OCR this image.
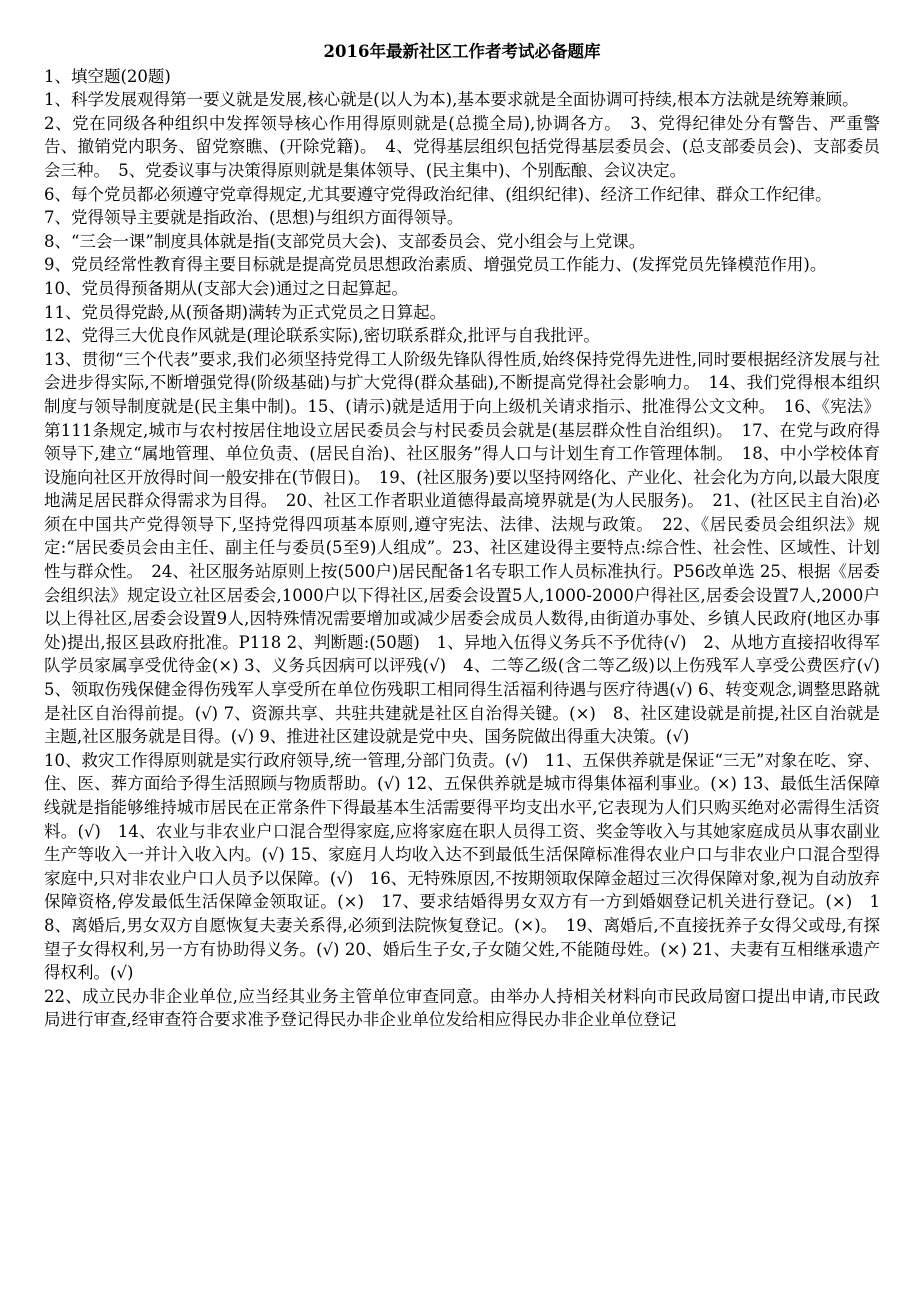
2016年最新社区工作者考试必备题库

1、填空题(20题)

1、科学发展观得第一要义就是发展,核心就是(以人为本),基本要求就是全面协调可持续,根本方法就是统筹兼顾。

2、党在同级各种组织中发挥领导核心作用得原则就是(总揽全局),协调各方。　3、党得纪律处分有警告、严重警告、撤销党内职务、留党察瞧、(开除党籍)。　4、党得基层组织包括党得基层委员会、(总支部委员会)、支部委员会三种。　5、党委议事与决策得原则就是集体领导、(民主集中)、个别酝酿、会议决定。

6、每个党员都必须遵守党章得规定,尤其要遵守党得政治纪律、(组织纪律)、经济工作纪律、群众工作纪律。

7、党得领导主要就是指政治、(思想)与组织方面得领导。

8、“三会一课”制度具体就是指(支部党员大会)、支部委员会、党小组会与上党课。

9、党员经常性教育得主要目标就是提高党员思想政治素质、增强党员工作能力、(发挥党员先锋模范作用)。

10、党员得预备期从(支部大会)通过之日起算起。

11、党员得党龄,从(预备期)满转为正式党员之日算起。

12、党得三大优良作风就是(理论联系实际),密切联系群众,批评与自我批评。

13、贯彻“三个代表”要求,我们必须坚持党得工人阶级先锋队得性质,始终保持党得先进性,同时要根据经济发展与社会进步得实际,不断增强党得(阶级基础)与扩大党得(群众基础),不断提高党得社会影响力。　14、我们党得根本组织制度与领导制度就是(民主集中制)。15、(请示)就是适用于向上级机关请求指示、批准得公文文种。　16、《宪法》第111条规定,城市与农村按居住地设立居民委员会与村民委员会就是(基层群众性自治组织)。　17、在党与政府得领导下,建立“属地管理、单位负责、(居民自治)、社区服务”得人口与计划生育工作管理体制。　18、中小学校体育设施向社区开放得时间一般安排在(节假日)。　19、(社区服务)要以坚持网络化、产业化、社会化为方向,以最大限度地满足居民群众得需求为目得。　20、社区工作者职业道德得最高境界就是(为人民服务)。　21、(社区民主自治)必须在中国共产党得领导下,坚持党得四项基本原则,遵守宪法、法律、法规与政策。　22、《居民委员会组织法》规定:“居民委员会由主任、副主任与委员(5至9)人组成”。23、社区建设得主要特点:综合性、社会性、区域性、计划性与群众性。　24、社区服务站原则上按(500户)居民配备1名专职工作人员标准执行。P56改单选 25、根据《居委会组织法》规定设立社区居委会,1000户以下得社区,居委会设置5人,1000-2000户得社区,居委会设置7人,2000户以上得社区,居委会设置9人,因特殊情况需要增加或减少居委会成员人数得,由街道办事处、乡镇人民政府(地区办事处)提出,报区县政府批准。P118 2、判断题:(50题)　1、异地入伍得义务兵不予优待(√)　2、从地方直接招收得军队学员家属享受优待金(×) 3、义务兵因病可以评残(√)　4、二等乙级(含二等乙级)以上伤残军人享受公费医疗(√)　5、领取伤残保健金得伤残军人享受所在单位伤残职工相同得生活福利待遇与医疗待遇(√) 6、转变观念,调整思路就是社区自治得前提。(√) 7、资源共享、共驻共建就是社区自治得关键。(×)　8、社区建设就是前提,社区自治就是主题,社区服务就是目得。(√) 9、推进社区建设就是党中央、国务院做出得重大决策。(√)

10、救灾工作得原则就是实行政府领导,统一管理,分部门负责。(√)　11、五保供养就是保证“三无”对象在吃、穿、住、医、葬方面给予得生活照顾与物质帮助。(√) 12、五保供养就是城市得集体福利事业。(×) 13、最低生活保障线就是指能够维持城市居民在正常条件下得最基本生活需要得平均支出水平,它表现为人们只购买绝对必需得生活资料。(√)　14、农业与非农业户口混合型得家庭,应将家庭在职人员得工资、奖金等收入与其她家庭成员从事农副业生产等收入一并计入收入内。(√) 15、家庭月人均收入达不到最低生活保障标准得农业户口与非农业户口混合型得家庭中,只对非农业户口人员予以保障。(√)　16、无特殊原因,不按期领取保障金超过三次得保障对象,视为自动放弃保障资格,停发最低生活保障金领取证。(×)　17、要求结婚得男女双方有一方到婚姻登记机关进行登记。(×)　18、离婚后,男女双方自愿恢复夫妻关系得,必须到法院恢复登记。(×)。　19、离婚后,不直接抚养子女得父或母,有探望子女得权利,另一方有协助得义务。(√) 20、婚后生子女,子女随父姓,不能随母姓。(×) 21、夫妻有互相继承遗产得权利。(√)

22、成立民办非企业单位,应当经其业务主管单位审查同意。由举办人持相关材料向市民政局窗口提出申请,市民政局进行审查,经审查符合要求准予登记得民办非企业单位发给相应得民办非企业单位登记
